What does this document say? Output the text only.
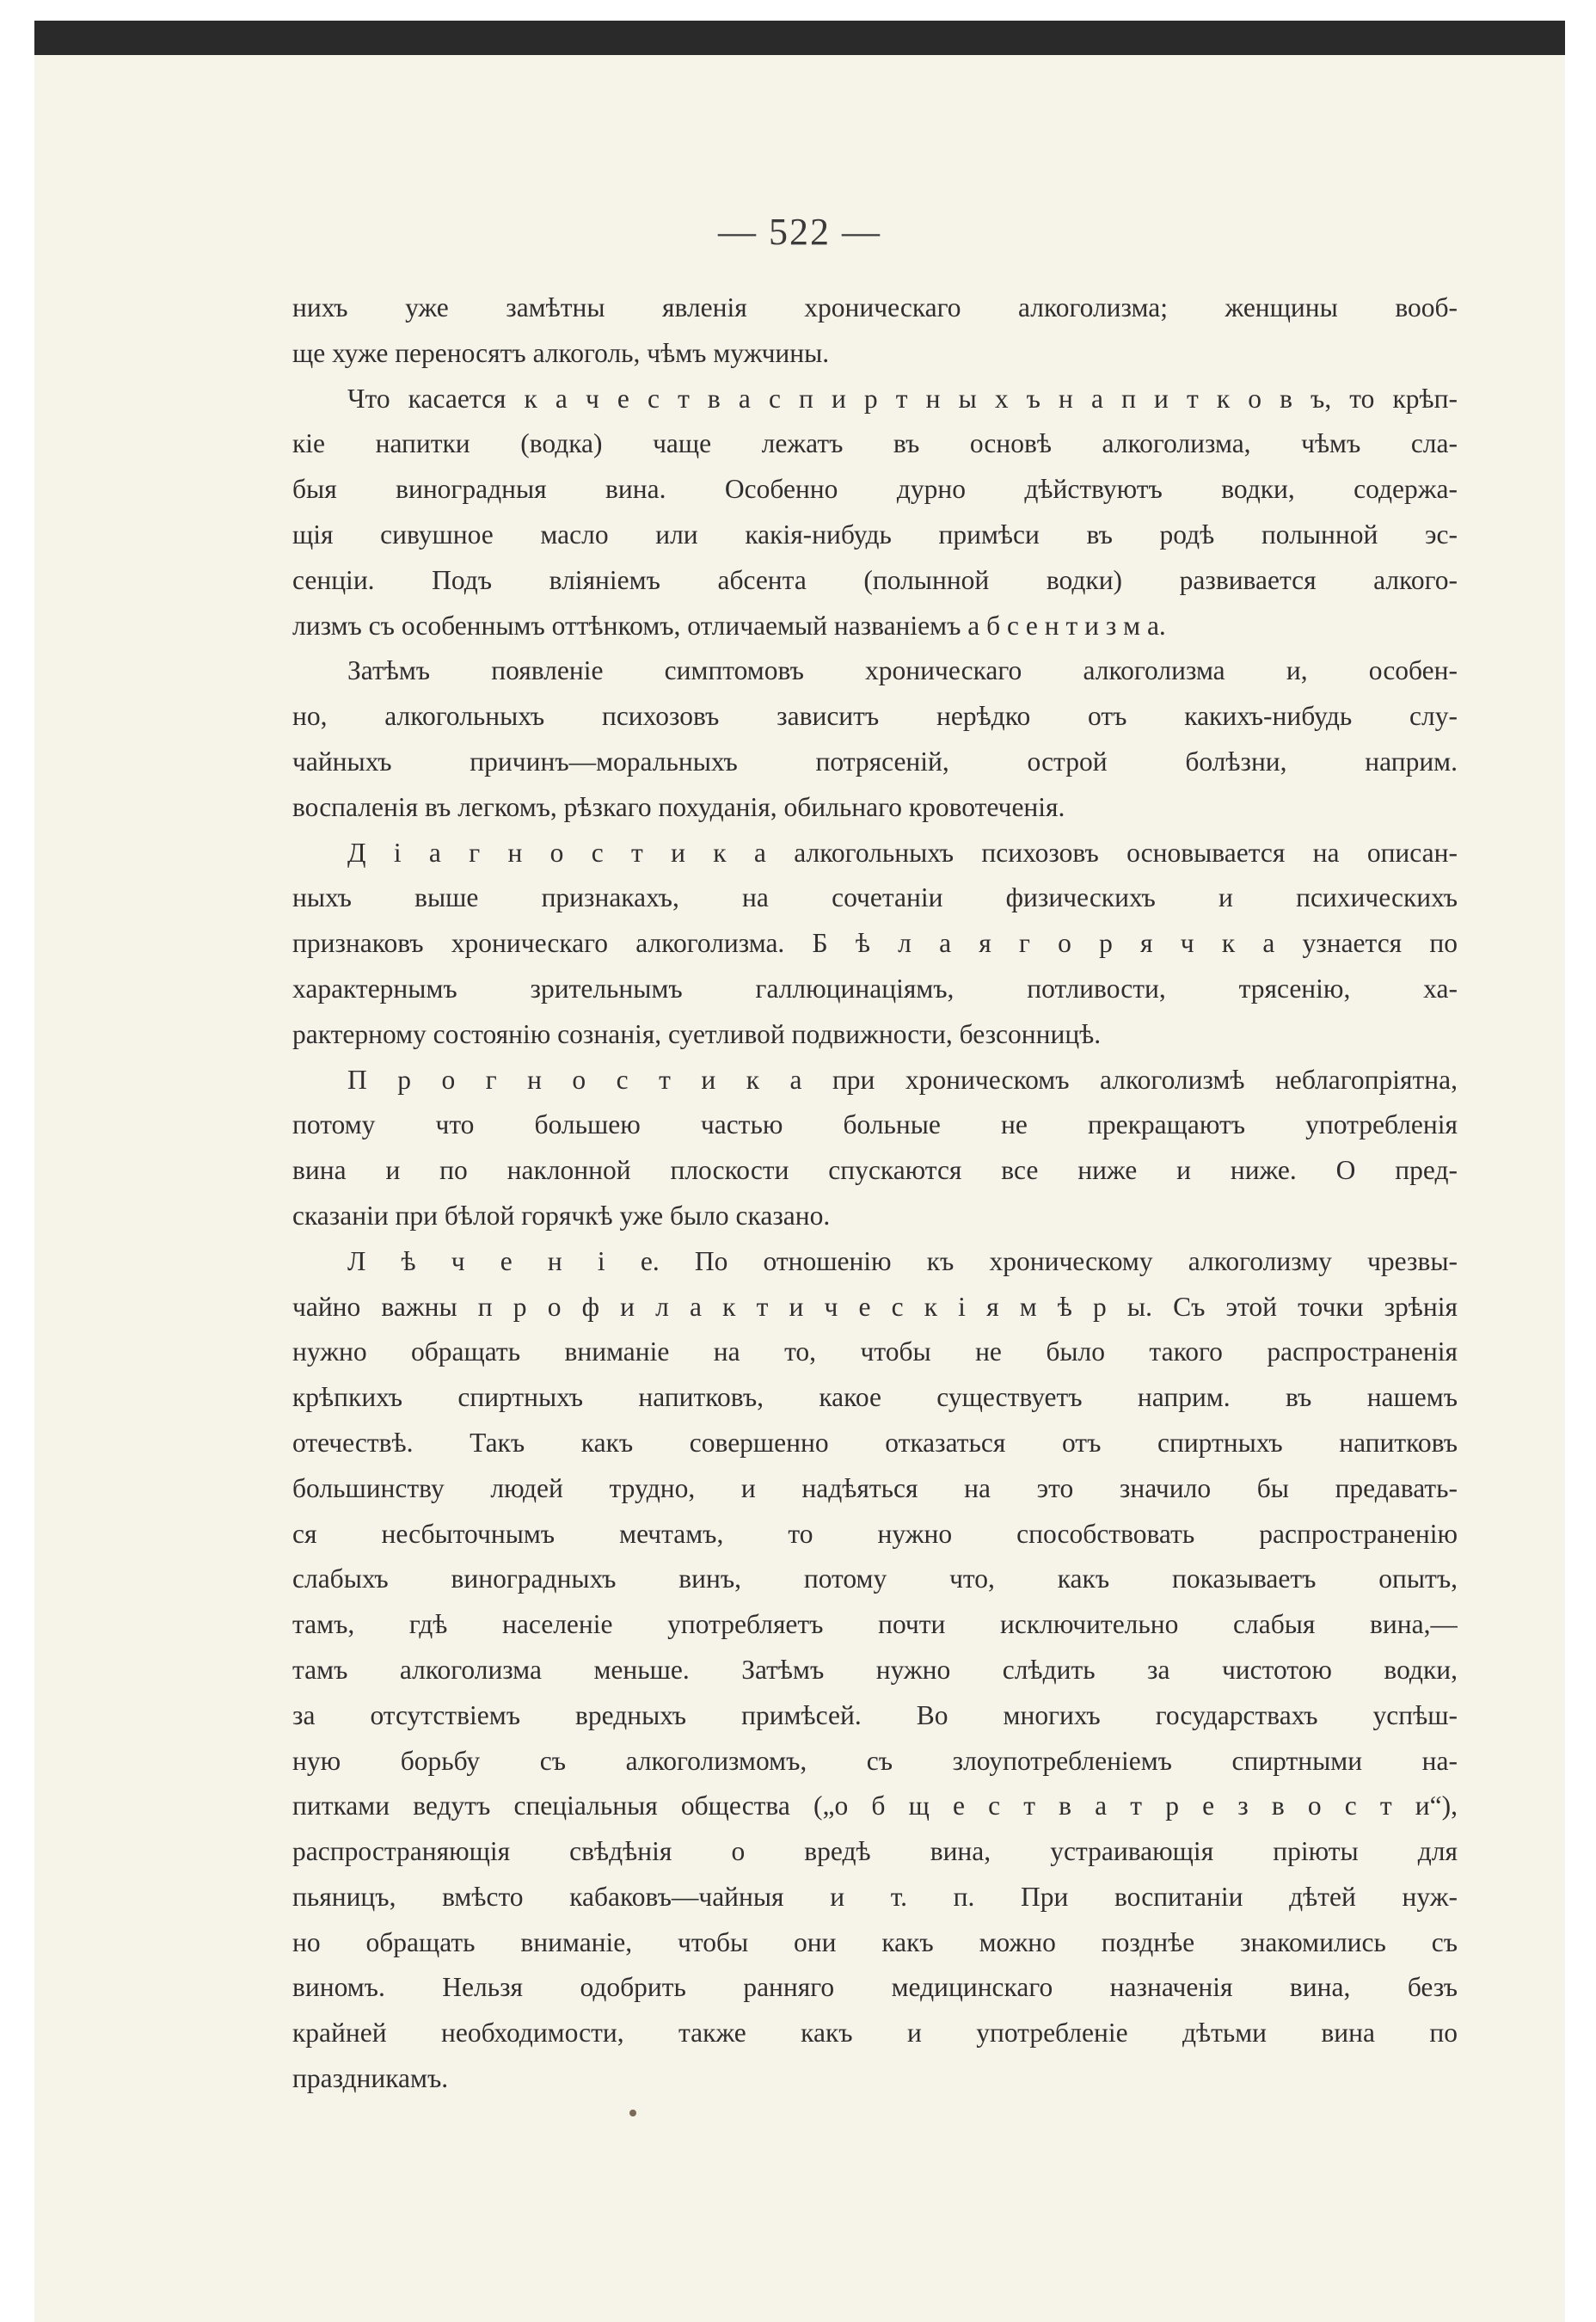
— 522 —
нихъ уже замѣтны явленія хроническаго алкоголизма; женщины вооб-
ще хуже переносятъ алкоголь, чѣмъ мужчины.
Что касается к а ч е с т в а с п и р т н ы х ъ н а п и т к о в ъ, то крѣп-
кіе напитки (водка) чаще лежатъ въ основѣ алкоголизма, чѣмъ сла-
быя виноградныя вина. Особенно дурно дѣйствуютъ водки, содержа-
щія сивушное масло или какія-нибудь примѣси въ родѣ полынной эс-
сенціи. Подъ вліяніемъ абсента (полынной водки) развивается алкого-
лизмъ съ особеннымъ оттѣнкомъ, отличаемый названіемъ а б с е н т и з м а.
Затѣмъ появленіе симптомовъ хроническаго алкоголизма и, особен-
но, алкогольныхъ психозовъ зависитъ нерѣдко отъ какихъ-нибудь слу-
чайныхъ причинъ—моральныхъ потрясеній, острой болѣзни, наприм.
воспаленія въ легкомъ, рѣзкаго похуданія, обильнаго кровотеченія.
Д і а г н о с т и к а алкогольныхъ психозовъ основывается на описан-
ныхъ выше признакахъ, на сочетаніи физическихъ и психическихъ
признаковъ хроническаго алкоголизма. Б ѣ л а я г о р я ч к а узнается по
характернымъ зрительнымъ галлюцинаціямъ, потливости, трясенію, ха-
рактерному состоянію сознанія, суетливой подвижности, безсонницѣ.
П р о г н о с т и к а при хроническомъ алкоголизмѣ неблагопріятна,
потому что большею частью больные не прекращаютъ употребленія
вина и по наклонной плоскости спускаются все ниже и ниже. О пред-
сказаніи при бѣлой горячкѣ уже было сказано.
Л ѣ ч е н і е. По отношенію къ хроническому алкоголизму чрезвы-
чайно важны п р о ф и л а к т и ч е с к і я м ѣ р ы. Съ этой точки зрѣнія
нужно обращать вниманіе на то, чтобы не было такого распространенія
крѣпкихъ спиртныхъ напитковъ, какое существуетъ наприм. въ нашемъ
отечествѣ. Такъ какъ совершенно отказаться отъ спиртныхъ напитковъ
большинству людей трудно, и надѣяться на это значило бы предавать-
ся несбыточнымъ мечтамъ, то нужно способствовать распространенію
слабыхъ виноградныхъ винъ, потому что, какъ показываетъ опытъ,
тамъ, гдѣ населеніе употребляетъ почти исключительно слабыя вина,—
тамъ алкоголизма меньше. Затѣмъ нужно слѣдить за чистотою водки,
за отсутствіемъ вредныхъ примѣсей. Во многихъ государствахъ успѣш-
ную борьбу съ алкоголизмомъ, съ злоупотребленіемъ спиртными на-
питками ведутъ спеціальныя общества („о б щ е с т в а т р е з в о с т и“),
распространяющія свѣдѣнія о вредѣ вина, устраивающія пріюты для
пьяницъ, вмѣсто кабаковъ—чайныя и т. п. При воспитаніи дѣтей нуж-
но обращать вниманіе, чтобы они какъ можно позднѣе знакомились съ
виномъ. Нельзя одобрить ранняго медицинскаго назначенія вина, безъ
крайней необходимости, также какъ и употребленіе дѣтьми вина по
праздникамъ.
